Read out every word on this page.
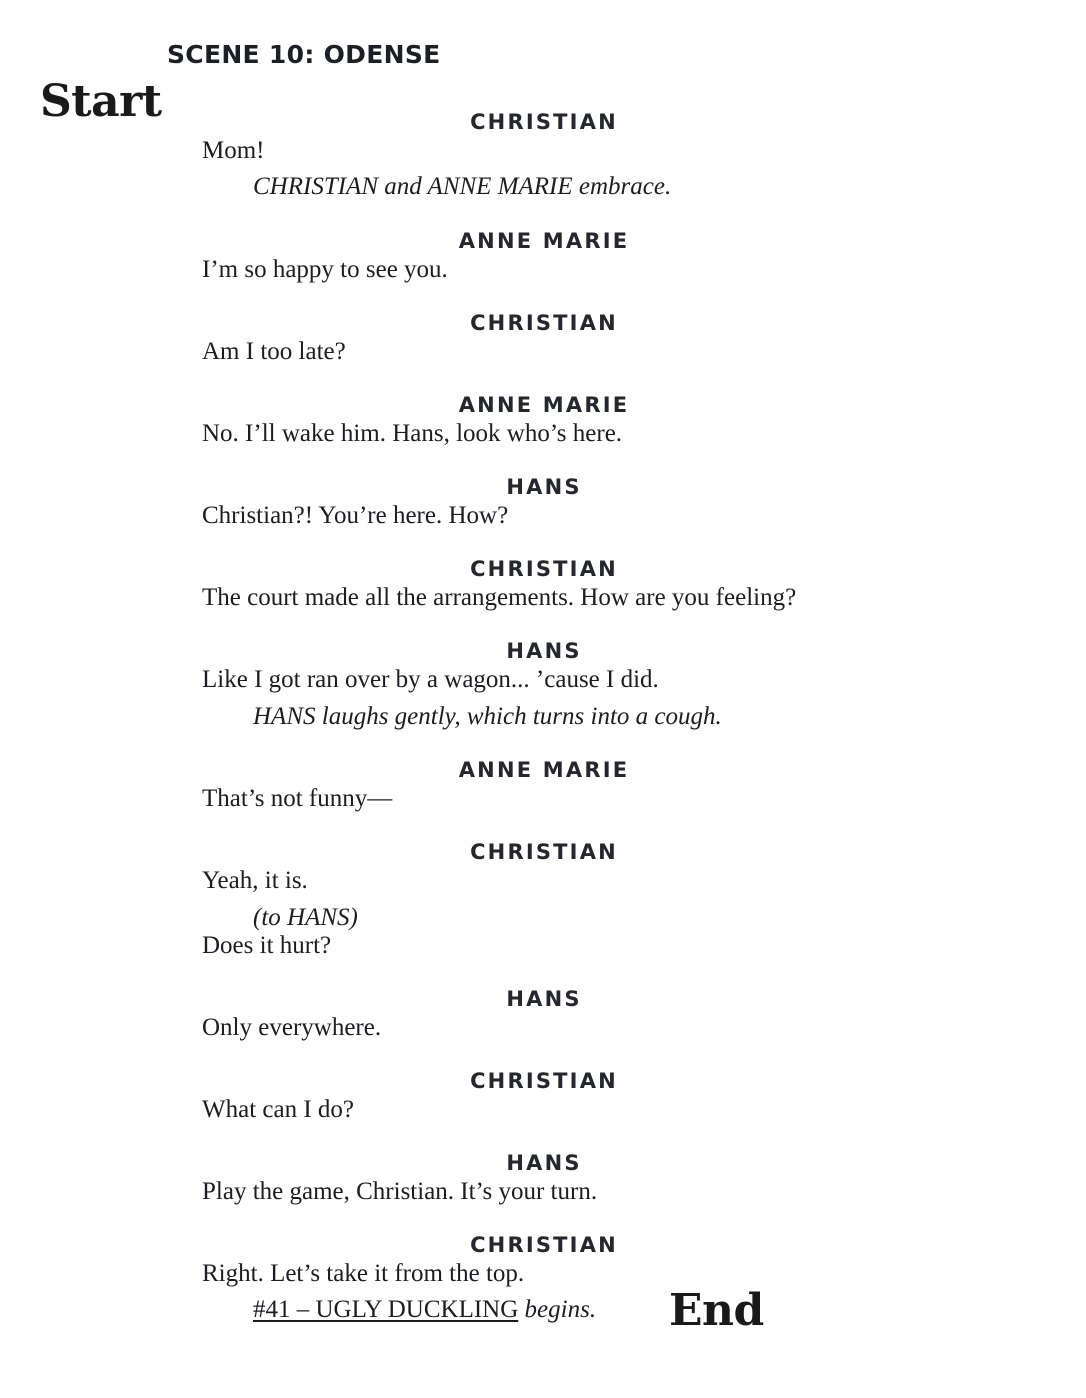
SCENE 10: ODENSE
Start	CHRISTIAN
Mom!
CHRISTIAN and ANNE MARIE embrace.
ANNE MARIE
I’m so happy to see you.
CHRISTIAN
Am I too late?
ANNE MARIE
No. I’ll wake him. Hans, look who’s here.
HANS
Christian?! You’re here. How?
CHRISTIAN
The court made all the arrangements. How are you feeling?
HANS
Like I got ran over by a wagon... ’cause I did.
HANS laughs gently, which turns into a cough.
ANNE MARIE
That’s not funny—
CHRISTIAN
Yeah, it is.
(to HANS)
Does it hurt?
HANS
Only everywhere.
CHRISTIAN
What can I do?
HANS
Play the game, Christian. It’s your turn.
CHRISTIAN
Right. Let’s take it from the top.
#41 – UGLY DUCKLING begins. End
